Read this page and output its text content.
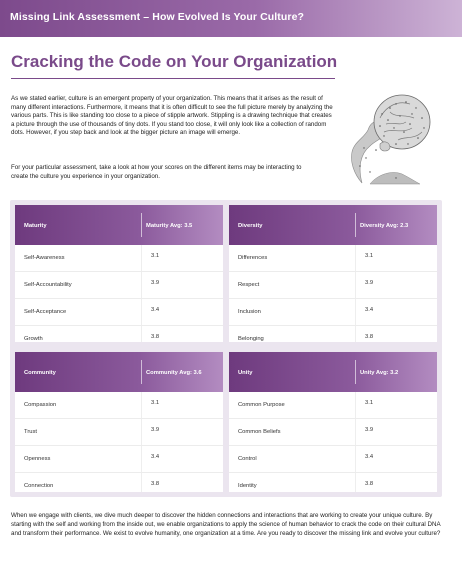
Missing Link Assessment – How Evolved Is Your Culture?
Cracking the Code on Your Organization

As we stated earlier, culture is an emergent property of your organization. This means that it arises as the result of many different interactions. Furthermore, it means that it is often difficult to see the full picture merely by analyzing the various parts. This is like standing too close to a piece of stipple artwork. Stippling is a drawing technique that creates a picture through the use of thousands of tiny dots. If you stand too close, it will only look like a collection of random dots. However, if you step back and look at the bigger picture an image will emerge.

For your particular assessment, take a look at how your scores on the different items may be interacting to create the culture you experience in your organization.

Maturity	Maturity Avg: 3.5
Self-Awareness	3.1
Self-Accountability	3.9
Self-Acceptance	3.4
Growth	3.8
Diversity	Diversity Avg: 2.3
Differences	3.1
Respect	3.9
Inclusion	3.4
Belonging	3.8
Community	Community Avg: 3.6
Compassion	3.1
Trust	3.9
Openness	3.4
Connection	3.8
Unity	Unity Avg: 3.2
Common Purpose	3.1
Common Beliefs	3.9
Control	3.4
Identity	3.8

When we engage with clients, we dive much deeper to discover the hidden connections and interactions that are working to create your unique culture. By starting with the self and working from the inside out, we enable organizations to apply the science of human behavior to crack the code on their cultural DNA and transform their performance. We exist to evolve humanity, one organization at a time. Are you ready to discover the missing link and evolve your culture?
